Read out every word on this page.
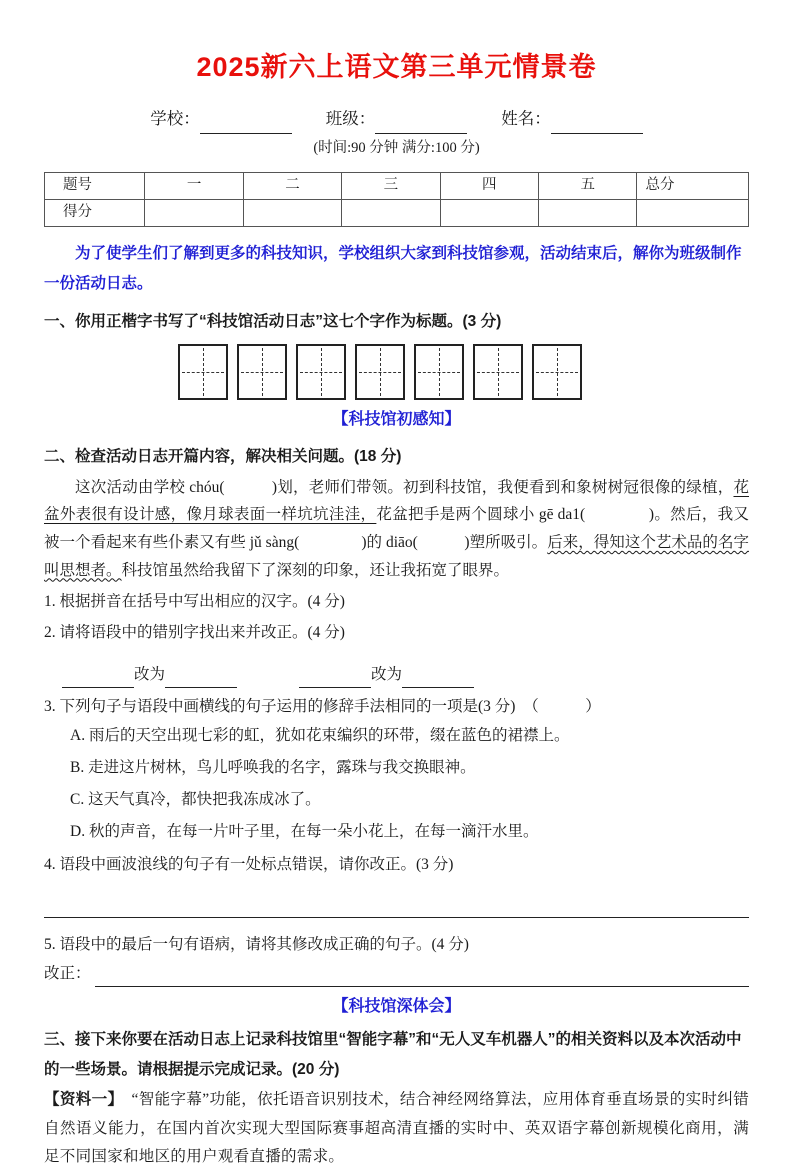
2025新六上语文第三单元情景卷
学校：	班级：	姓名：
(时间:90 分钟 满分:100 分)
题号	一	二	三	四	五	总分
得分						
为了使学生们了解到更多的科技知识，学校组织大家到科技馆参观，活动结束后，解你为班级制作一份活动日志。
一、你用正楷字书写了“科技馆活动日志”这七个字作为标题。(3 分)
【科技馆初感知】
二、检查活动日志开篇内容，解决相关问题。(18 分)
这次活动由学校 chóu(　　　)划，老师们带领。初到科技馆，我便看到和象树树冠很像的绿植，花盆外表很有设计感，像月球表面一样坑坑洼洼，花盆把手是两个圆球小 gē da1(　　　　)。然后，我又被一个看起来有些仆素又有些 jǔ sàng(　　　　)的 diāo(　　　)塑所吸引。后来，得知这个艺术品的名字叫思想者。科技馆虽然给我留下了深刻的印象，还让我拓宽了眼界。
1. 根据拼音在括号中写出相应的汉字。(4 分)
2. 请将语段中的错别字找出来并改正。(4 分)
改为	改为
3. 下列句子与语段中画横线的句子运用的修辞手法相同的一项是(3 分)　（　　　）
A. 雨后的天空出现七彩的虹，犹如花束编织的环带，缀在蓝色的裙襟上。
B. 走进这片树林，鸟儿呼唤我的名字，露珠与我交换眼神。
C. 这天气真冷，都快把我冻成冰了。
D. 秋的声音，在每一片叶子里，在每一朵小花上，在每一滴汗水里。
4. 语段中画波浪线的句子有一处标点错误，请你改正。(3 分)
5. 语段中的最后一句有语病，请将其修改成正确的句子。(4 分)
改正：
【科技馆深体会】
三、接下来你要在活动日志上记录科技馆里“智能字幕”和“无人叉车机器人”的相关资料以及本次活动中的一些场景。请根据提示完成记录。(20 分)
【资料一】　“智能字幕”功能，依托语音识别技术，结合神经网络算法，应用体育垂直场景的实时纠错自然语义能力，在国内首次实现大型国际赛事超高清直播的实时中、英双语字幕创新规模化商用，满足不同国家和地区的用户观看直播的需求。
